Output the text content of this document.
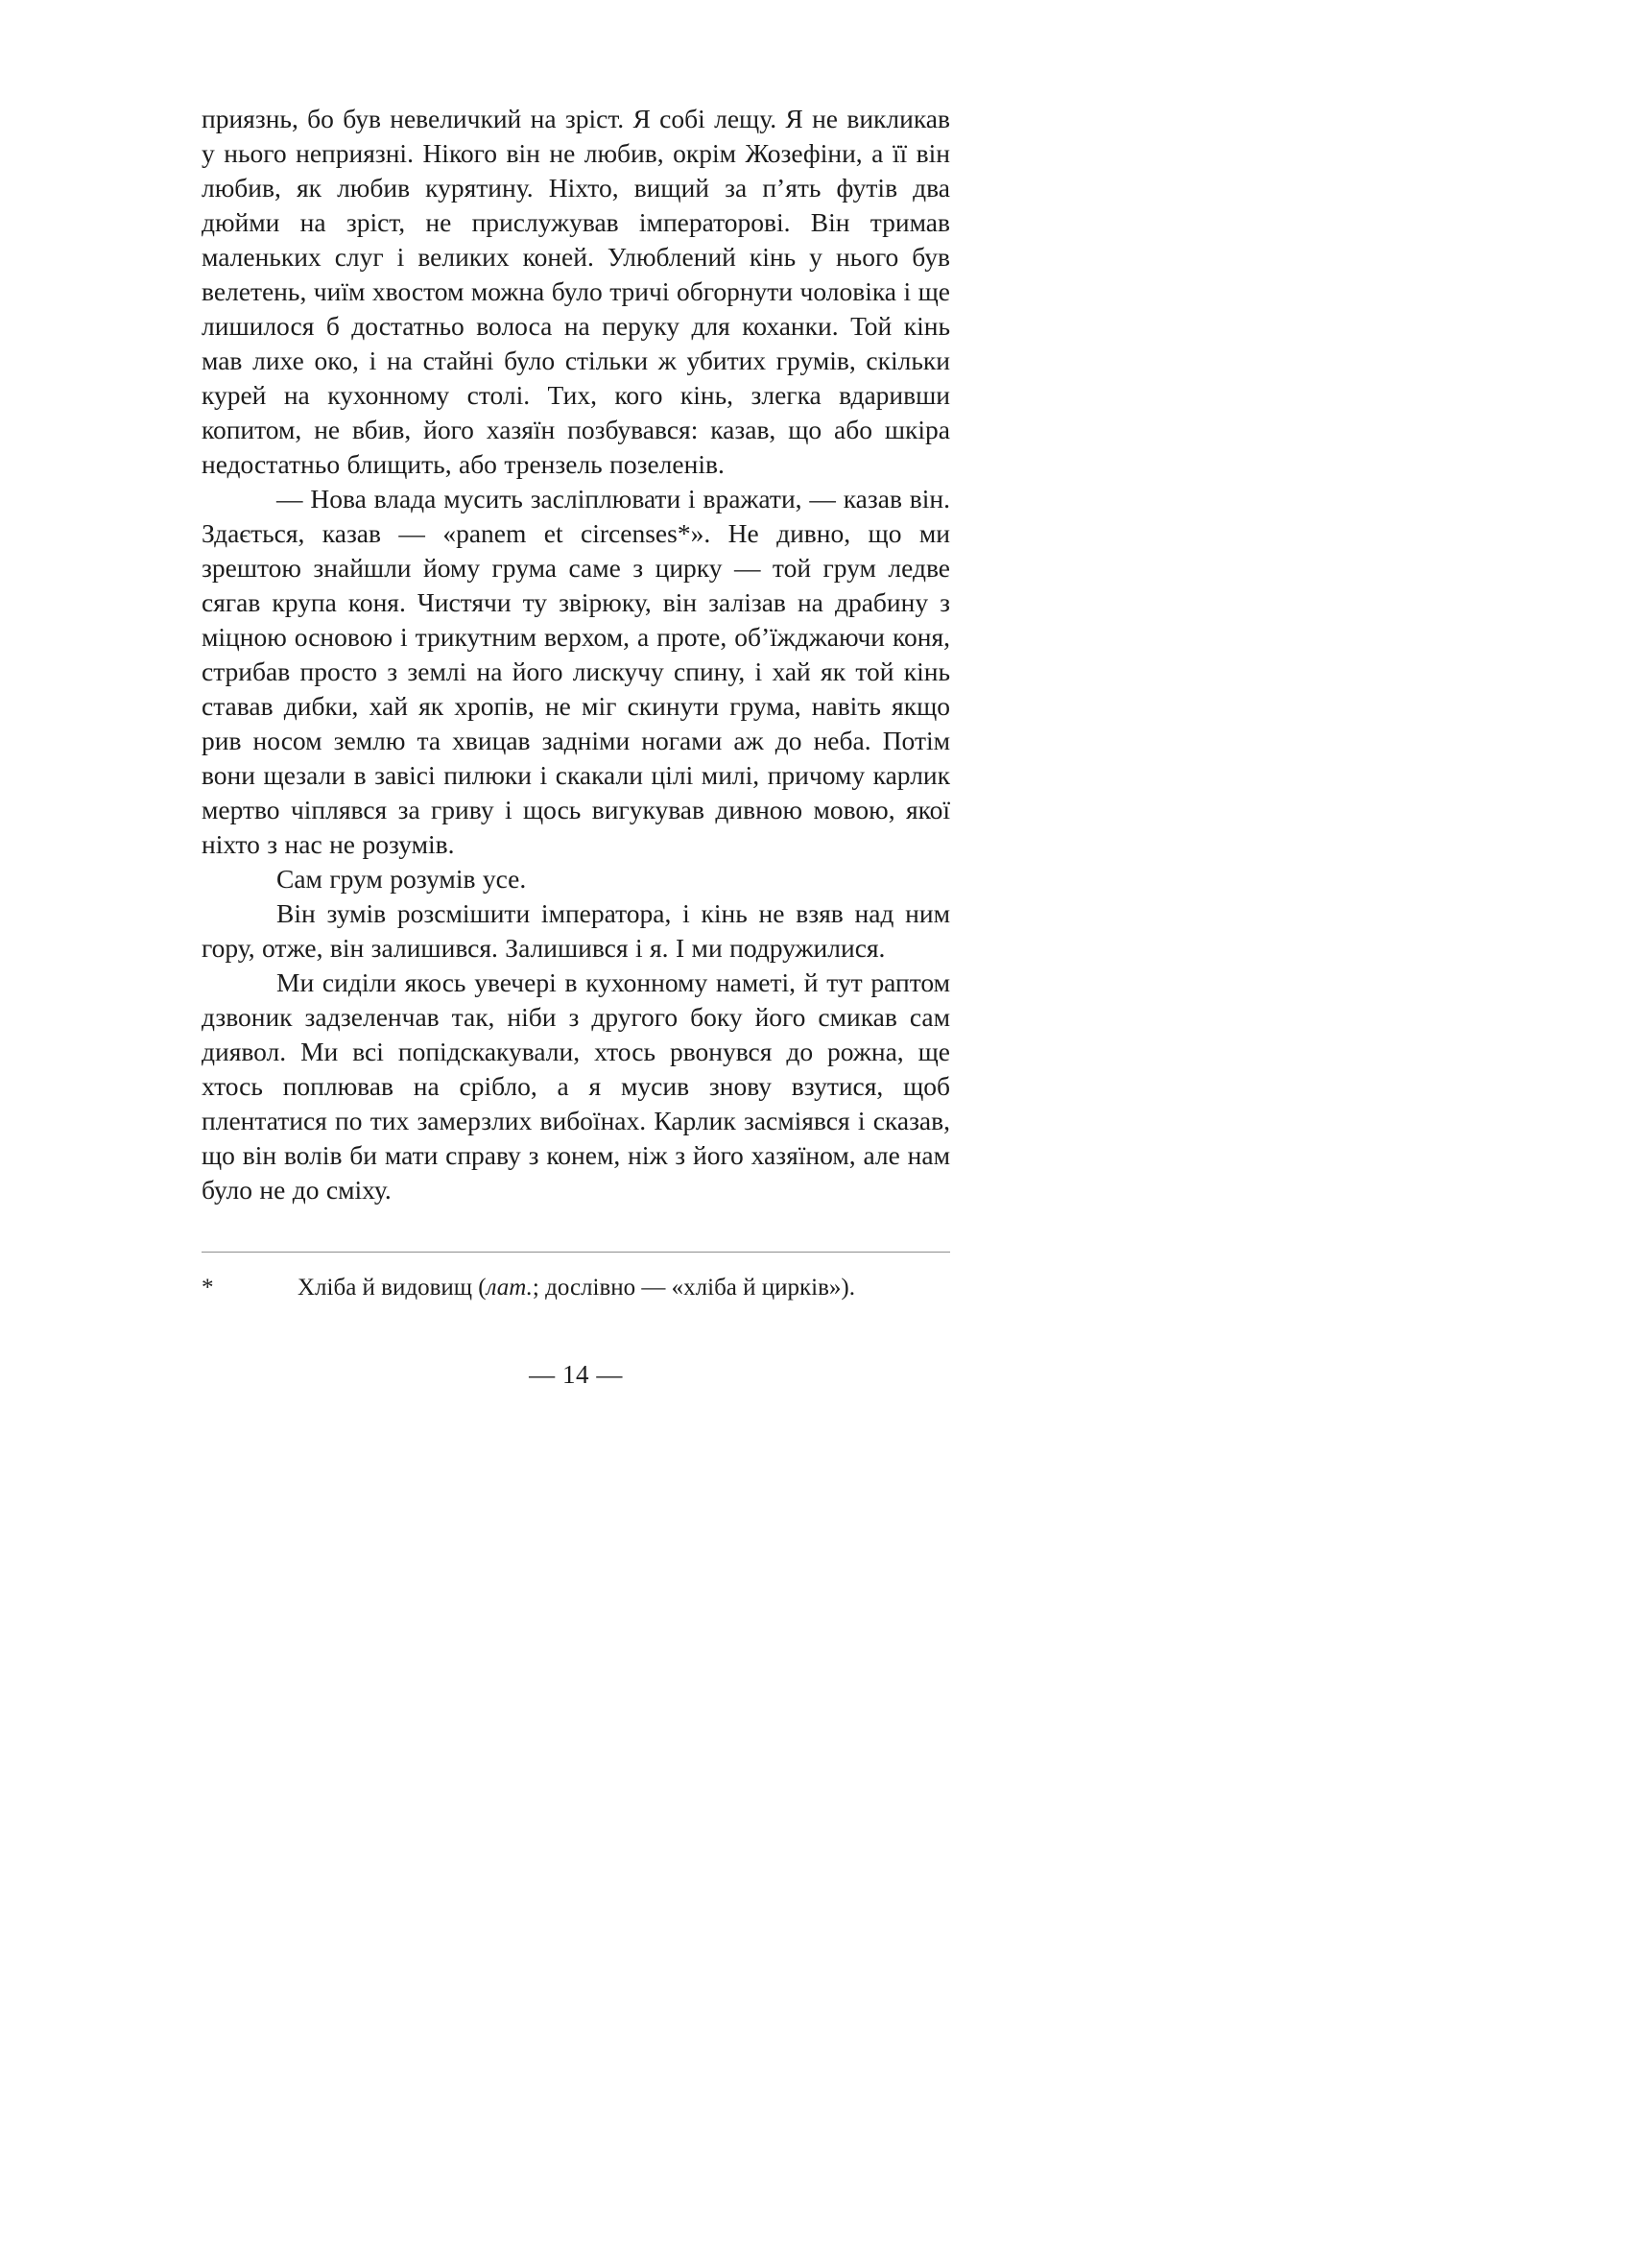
приязнь, бо був невеличкий на зріст. Я собі лещу. Я не викликав у нього неприязні. Нікого він не любив, окрім Жозефіни, а її він любив, як любив курятину. Ніхто, вищий за п’ять футів два дюйми на зріст, не прислужував імператорові. Він тримав маленьких слуг і великих коней. Улюблений кінь у нього був велетень, чиїм хвостом можна було тричі обгорнути чоловіка і ще лишилося б достатньо волоса на перуку для коханки. Той кінь мав лихе око, і на стайні було стільки ж убитих грумів, скільки курей на кухонному столі. Тих, кого кінь, злегка вдаривши копитом, не вбив, його хазяїн позбувався: казав, що або шкіра недостатньо блищить, або трензель позеленів.

— Нова влада мусить засліплювати і вражати, — казав він. Здається, казав — «panem et circenses*». Не дивно, що ми зрештою знайшли йому грума саме з цирку — той грум ледве сягав крупа коня. Чистячи ту звірюку, він залізав на драбину з міцною основою і трикутним верхом, а проте, об’їжджаючи коня, стрибав просто з землі на його лискучу спину, і хай як той кінь ставав дибки, хай як хропів, не міг скинути грума, навіть якщо рив носом землю та хвицав задніми ногами аж до неба. Потім вони щезали в завісі пилюки і скакали цілі милі, причому карлик мертво чіплявся за гриву і щось вигукував дивною мовою, якої ніхто з нас не розумів.

Сам грум розумів усе.

Він зумів розсмішити імператора, і кінь не взяв над ним гору, отже, він залишився. Залишився і я. І ми подружилися.

Ми сиділи якось увечері в кухонному наметі, й тут раптом дзвоник задзеленчав так, ніби з другого боку його смикав сам диявол. Ми всі попідскакували, хтось рвонувся до рожна, ще хтось поплював на срібло, а я мусив знову взутися, щоб плентатися по тих замерзлих вибоїнах. Карлик засміявся і сказав, що він волів би мати справу з конем, ніж з його хазяїном, але нам було не до сміху.

*	Хліба й видовищ (лат.; дослівно — «хліба й цирків»).
— 14 —
